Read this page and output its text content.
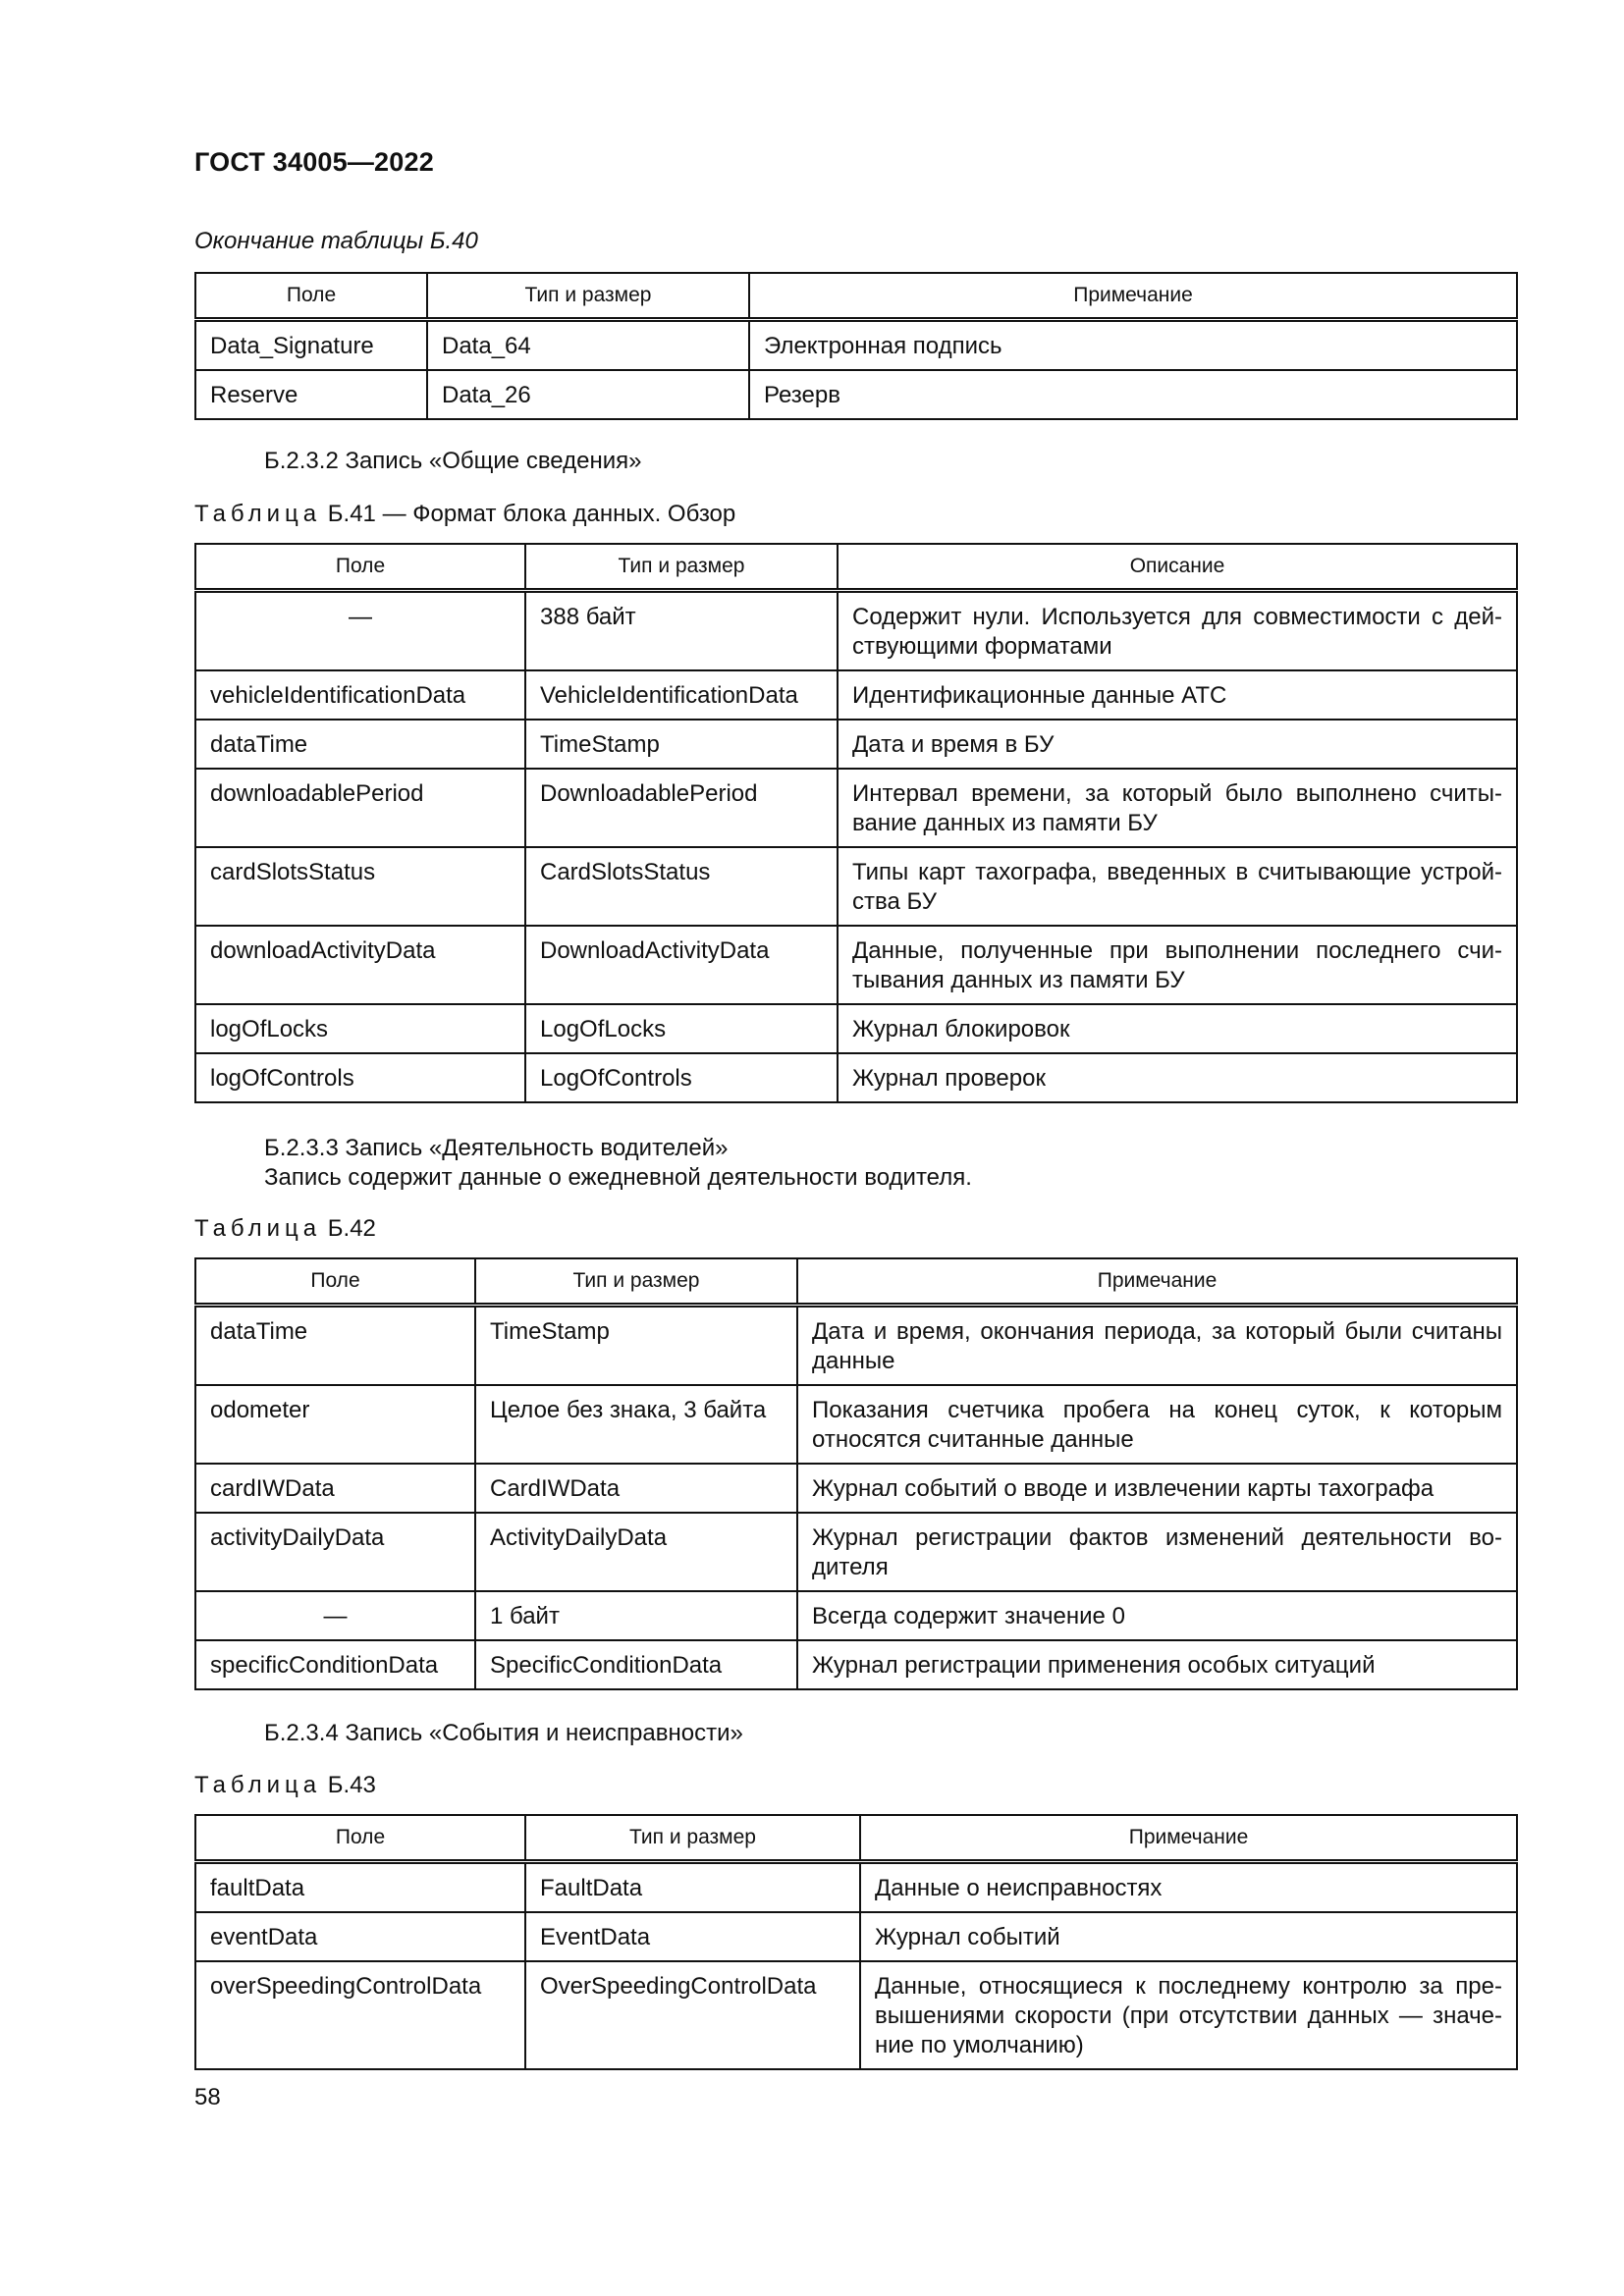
ГОСТ 34005—2022
Окончание таблицы Б.40
Поле	Тип и размер	Примечание
Data_Signature	Data_64	Электронная подпись
Reserve	Data_26	Резерв
Б.2.3.2 Запись «Общие сведения»
Таблица Б.41 — Формат блока данных. Обзор
Поле	Тип и размер	Описание
—	388 байт	Содержит нули. Используется для совместимости с действующими форматами
vehicleIdentificationData	VehicleIdentificationData	Идентификационные данные АТС
dataTime	TimeStamp	Дата и время в БУ
downloadablePeriod	DownloadablePeriod	Интервал времени, за который было выполнено считывание данных из памяти БУ
cardSlotsStatus	CardSlotsStatus	Типы карт тахографа, введенных в считывающие устройства БУ
downloadActivityData	DownloadActivityData	Данные, полученные при выполнении последнего считывания данных из памяти БУ
logOfLocks	LogOfLocks	Журнал блокировок
logOfControls	LogOfControls	Журнал проверок
Б.2.3.3 Запись «Деятельность водителей»
Запись содержит данные о ежедневной деятельности водителя.
Таблица Б.42
Поле	Тип и размер	Примечание
dataTime	TimeStamp	Дата и время, окончания периода, за который были считаны данные
odometer	Целое без знака, 3 байта	Показания счетчика пробега на конец суток, к которым относятся считанные данные
cardIWData	CardIWData	Журнал событий о вводе и извлечении карты тахографа
activityDailyData	ActivityDailyData	Журнал регистрации фактов изменений деятельности водителя
—	1 байт	Всегда содержит значение 0
specificConditionData	SpecificConditionData	Журнал регистрации применения особых ситуаций
Б.2.3.4 Запись «События и неисправности»
Таблица Б.43
Поле	Тип и размер	Примечание
faultData	FaultData	Данные о неисправностях
eventData	EventData	Журнал событий
overSpeedingControlData	OverSpeedingControlData	Данные, относящиеся к последнему контролю за превышениями скорости (при отсутствии данных — значение по умолчанию)
58
